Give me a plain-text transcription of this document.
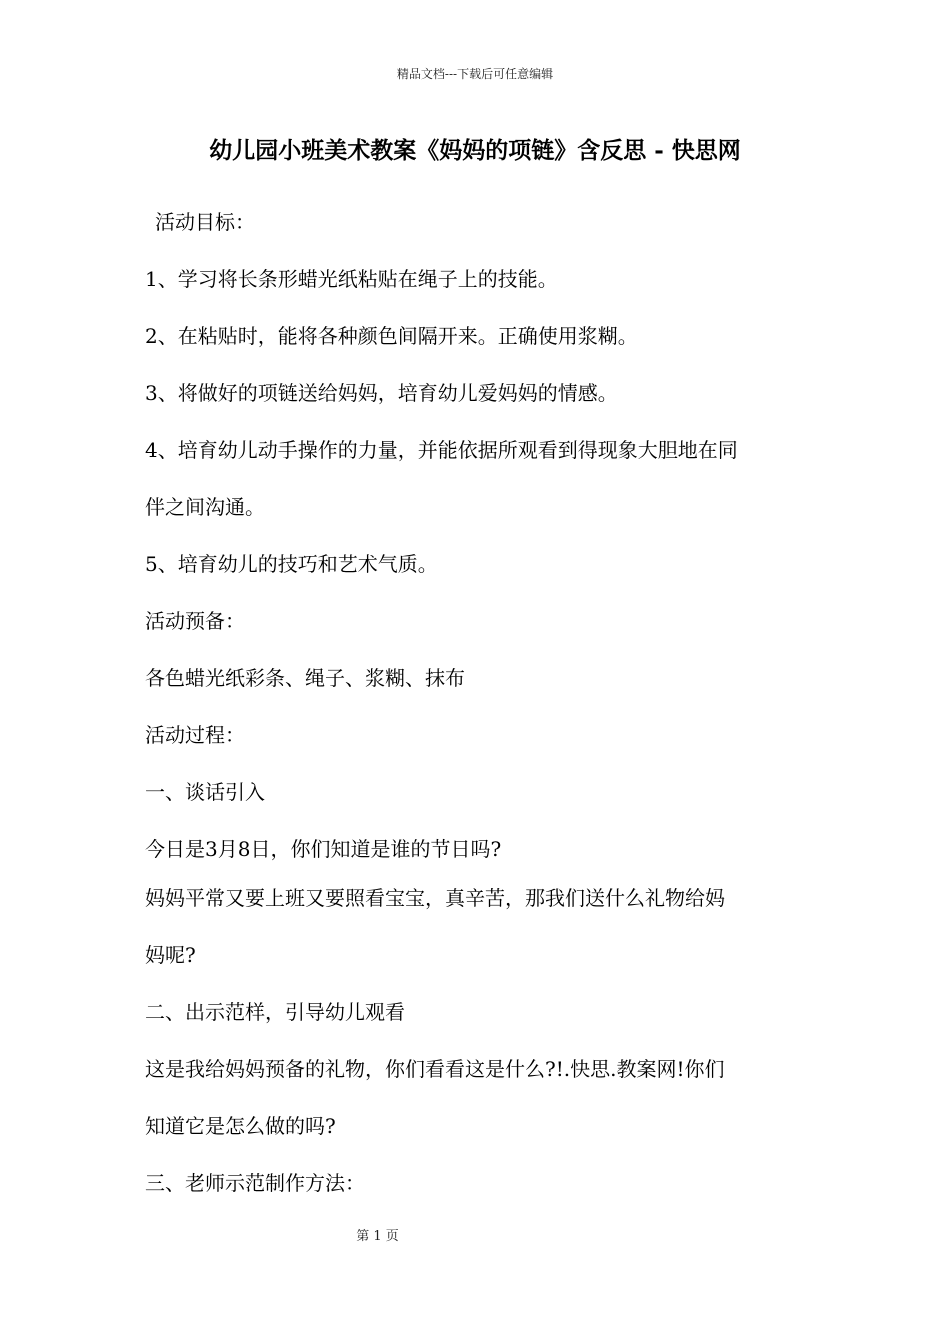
精品文档---下载后可任意编辑
幼儿园小班美术教案《妈妈的项链》含反思 - 快思网
活动目标：
1、学习将长条形蜡光纸粘贴在绳子上的技能。
2、在粘贴时，能将各种颜色间隔开来。正确使用浆糊。
3、将做好的项链送给妈妈，培育幼儿爱妈妈的情感。
4、培育幼儿动手操作的力量，并能依据所观看到得现象大胆地在同
伴之间沟通。
5、培育幼儿的技巧和艺术气质。
活动预备：
各色蜡光纸彩条、绳子、浆糊、抹布
活动过程：
一、谈话引入
今日是3月8日，你们知道是谁的节日吗?
妈妈平常又要上班又要照看宝宝，真辛苦，那我们送什么礼物给妈
妈呢?
二、出示范样，引导幼儿观看
这是我给妈妈预备的礼物，你们看看这是什么?!.快思.教案网!你们
知道它是怎么做的吗?
三、老师示范制作方法：
第 1 页
